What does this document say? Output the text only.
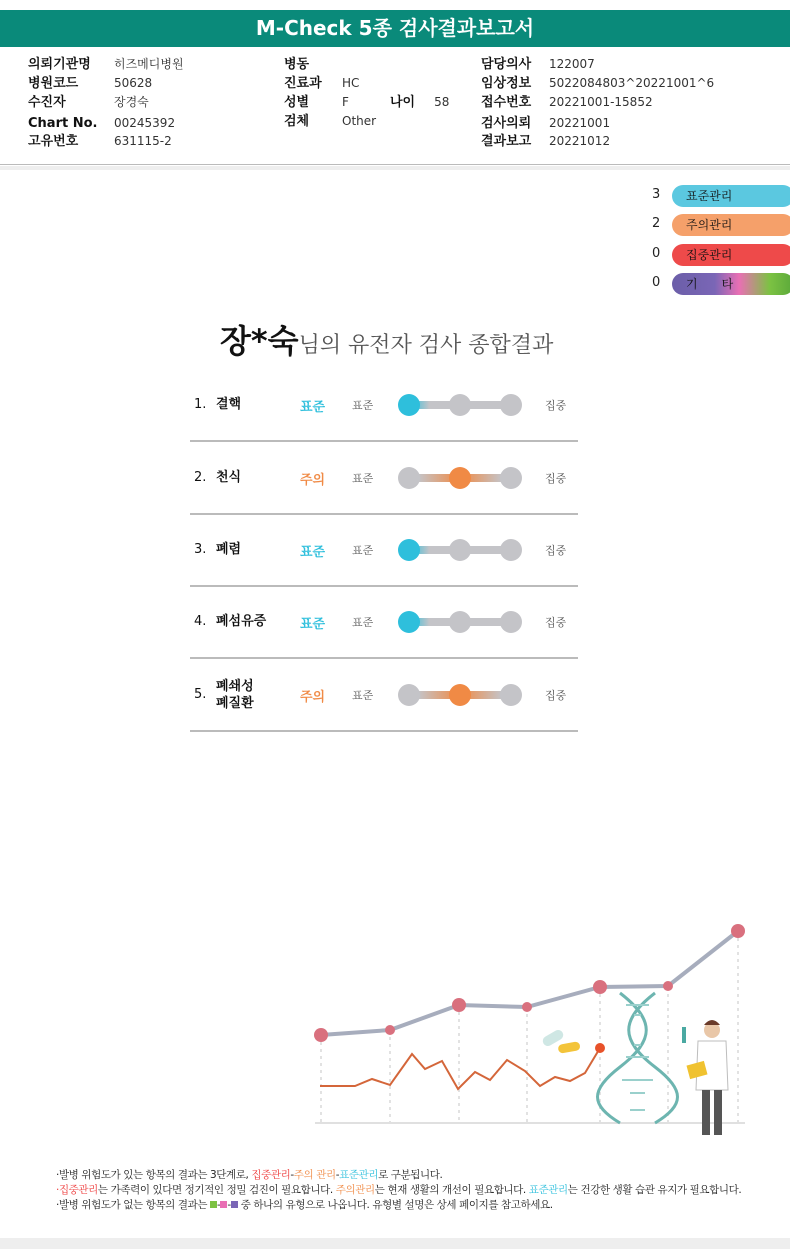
M-Check 5종 검사결과보고서
의뢰기관명 히즈메디병원
병원코드	50628
수진자	장경숙
Chart No. 00245392
고유번호	631115-2
병동
진료과 HC
성별	F
검체	Other
담당의사 122007
임상정보 5022084803^20221001^6
접수번호 20221001-15852
검사의뢰 20221001
결과보고 20221012
나이 58
3	표준관리
2	주의관리
0	집중관리
0	기　　타
장*숙님의 유전자 검사 종합결과
1. 결핵	표준 표준	집중
2. 천식	주의 표준	집중
3. 폐렴	표준 표준	집중
4. 폐섬유증	표준 표준	집중
5.
폐쇄성
폐질환	주의 표준	집중
·발병 위험도가 있는 항목의 결과는 3단계로, 집중관리-주의 관리-표준관리로 구분됩니다.
·집중관리는 가족력이 있다면 정기적인 정밀 검진이 필요합니다. 주의관리는 현재 생활의 개선이 필요합니다. 표준관리는 건강한 생활 습관 유지가 필요합니다.
·발병 위험도가 없는 항목의 결과는 - - 중 하나의 유형으로 나옵니다. 유형별 설명은 상세 페이지를 참고하세요.
